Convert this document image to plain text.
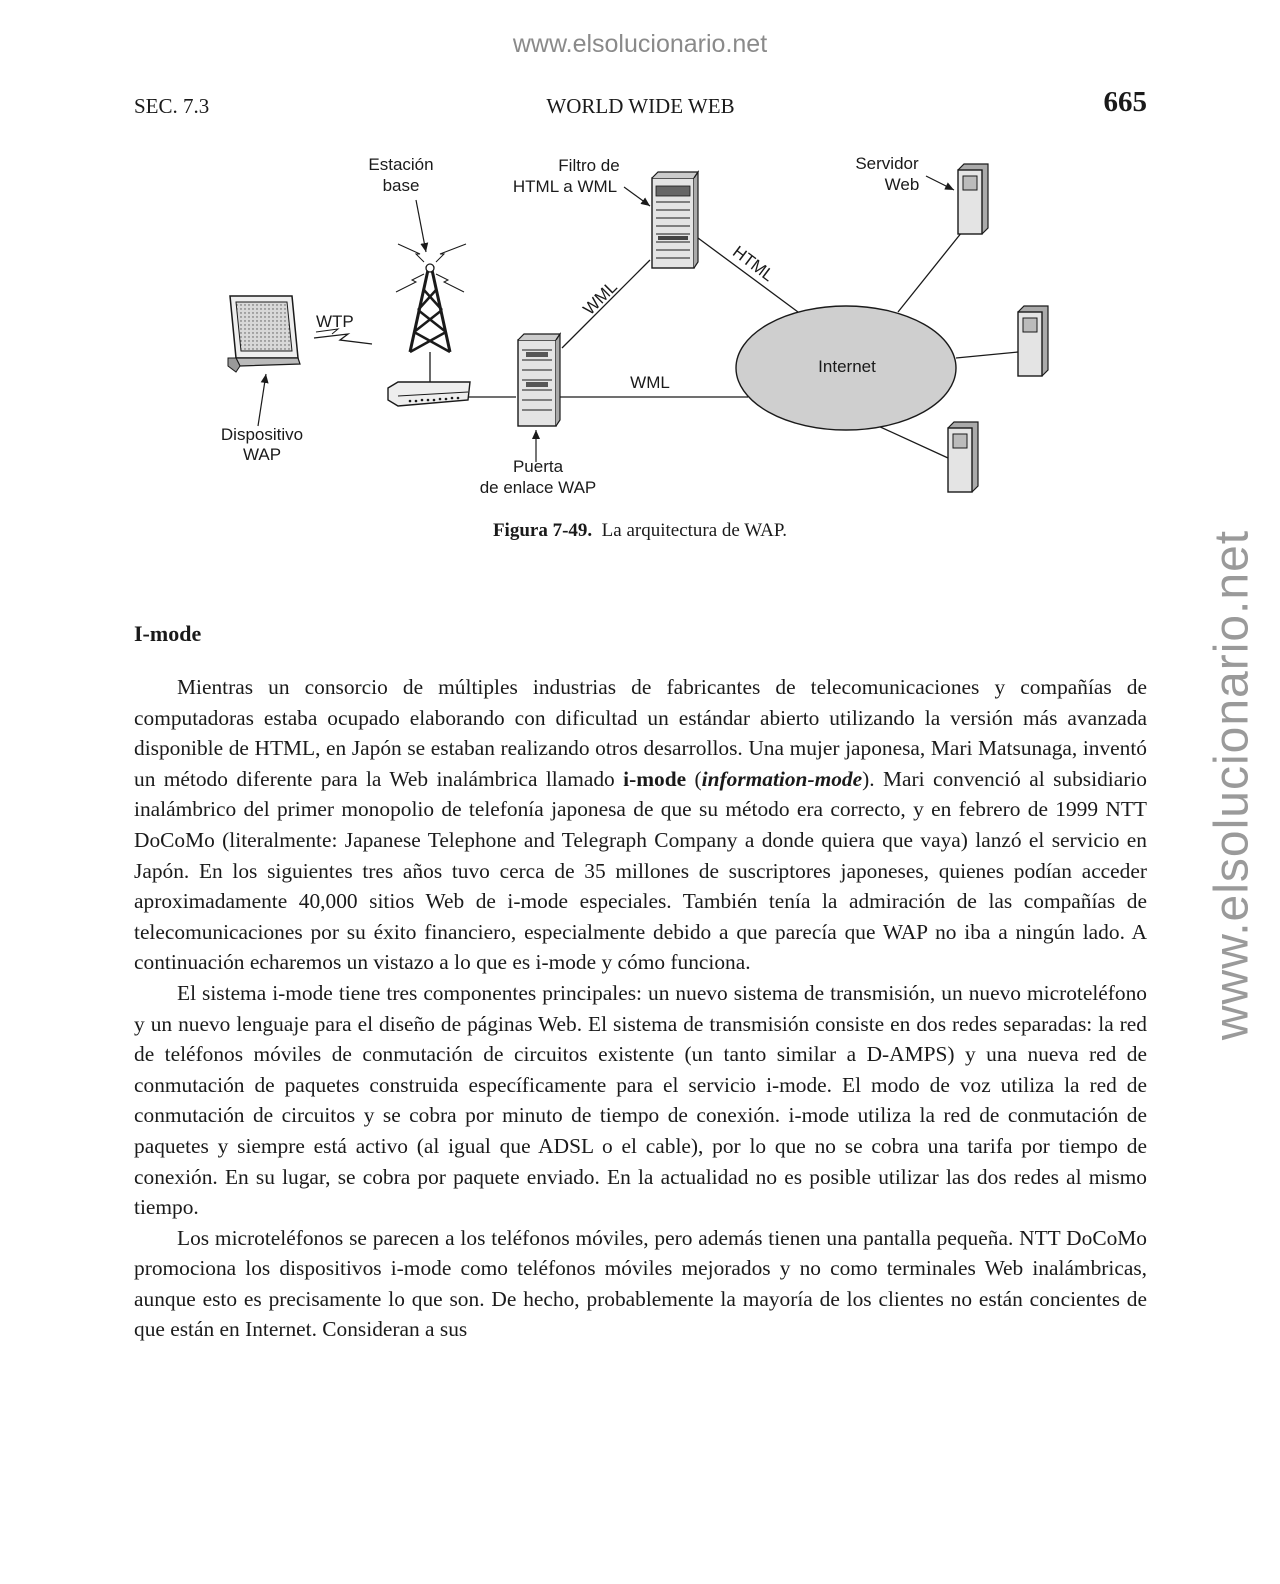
www.elsolucionario.net
www.elsolucionario.net
SEC. 7.3	WORLD WIDE WEB	665
Internet
Dispositivo
WAP
WTP
Estación
base
Puerta
de enlace WAP
Filtro de
HTML a WML
WML
HTML
WML
Servidor
Web
Figura 7-49. La arquitectura de WAP.
I-mode

Mientras un consorcio de múltiples industrias de fabricantes de telecomunicaciones y compañías de computadoras estaba ocupado elaborando con dificultad un estándar abierto utilizando la versión más avanzada disponible de HTML, en Japón se estaban realizando otros desarrollos. Una mujer japonesa, Mari Matsunaga, inventó un método diferente para la Web inalámbrica llamado i-mode (information-mode). Mari convenció al subsidiario inalámbrico del primer monopolio de telefonía japonesa de que su método era correcto, y en febrero de 1999 NTT DoCoMo (literalmente: Japanese Telephone and Telegraph Company a donde quiera que vaya) lanzó el servicio en Japón. En los siguientes tres años tuvo cerca de 35 millones de suscriptores japoneses, quienes podían acceder aproximadamente 40,000 sitios Web de i-mode especiales. También tenía la admiración de las compañías de telecomunicaciones por su éxito financiero, especialmente debido a que parecía que WAP no iba a ningún lado. A continuación echaremos un vistazo a lo que es i-mode y cómo funciona.

El sistema i-mode tiene tres componentes principales: un nuevo sistema de transmisión, un nuevo microteléfono y un nuevo lenguaje para el diseño de páginas Web. El sistema de transmisión consiste en dos redes separadas: la red de teléfonos móviles de conmutación de circuitos existente (un tanto similar a D-AMPS) y una nueva red de conmutación de paquetes construida específicamente para el servicio i-mode. El modo de voz utiliza la red de conmutación de circuitos y se cobra por minuto de tiempo de conexión. i-mode utiliza la red de conmutación de paquetes y siempre está activo (al igual que ADSL o el cable), por lo que no se cobra una tarifa por tiempo de conexión. En su lugar, se cobra por paquete enviado. En la actualidad no es posible utilizar las dos redes al mismo tiempo.

Los microteléfonos se parecen a los teléfonos móviles, pero además tienen una pantalla pequeña. NTT DoCoMo promociona los dispositivos i-mode como teléfonos móviles mejorados y no como terminales Web inalámbricas, aunque esto es precisamente lo que son. De hecho, probablemente la mayoría de los clientes no están concientes de que están en Internet. Consideran a sus
